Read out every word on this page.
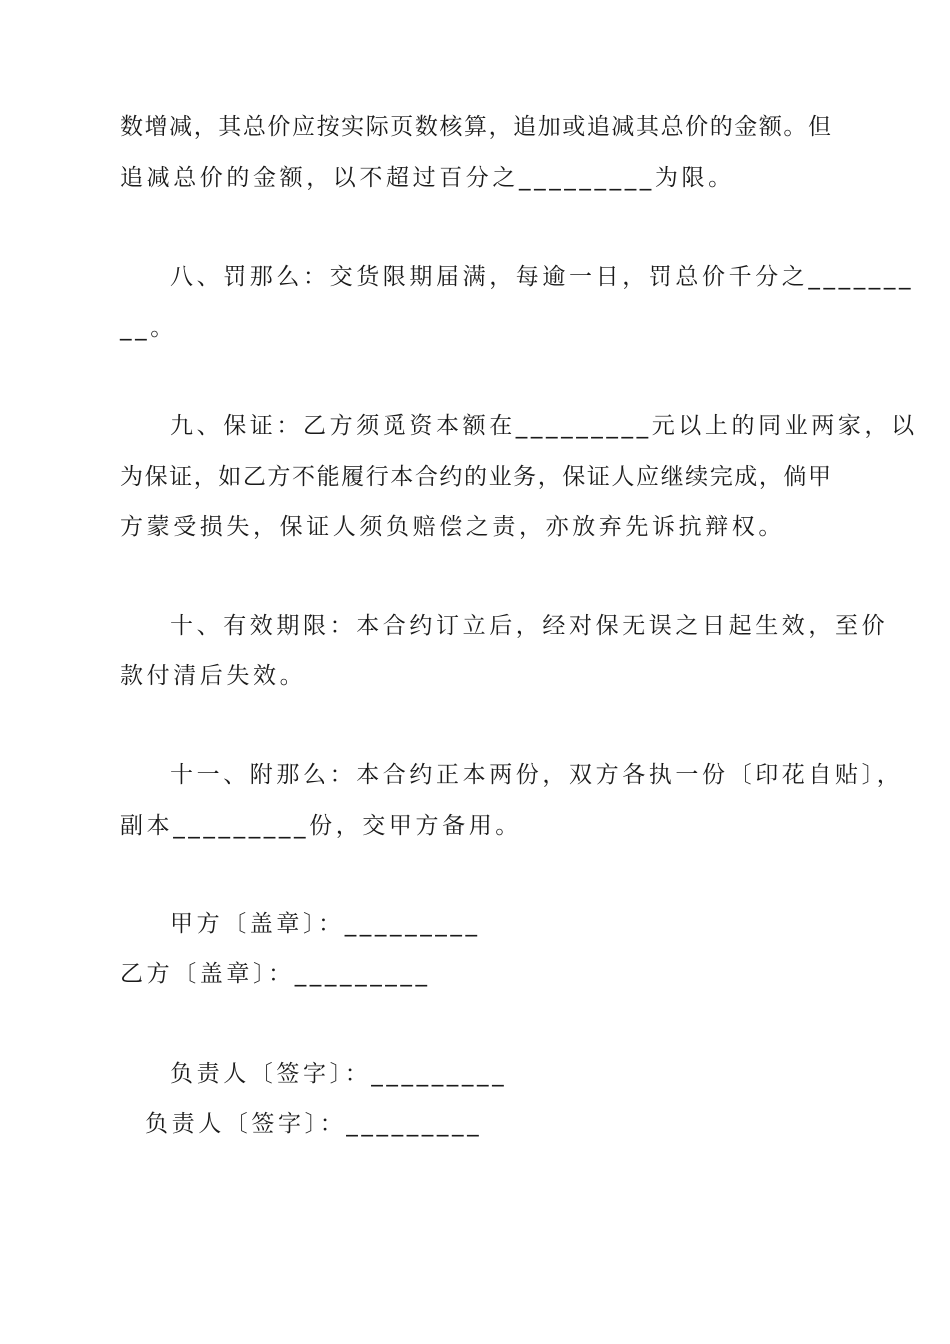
数增减，其总价应按实际页数核算，追加或追减其总价的金额。但
追减总价的金额，以不超过百分之_________为限。
八、罚那么：交货限期届满，每逾一日，罚总价千分之_______
__。
九、保证：乙方须觅资本额在_________元以上的同业两家，以
为保证，如乙方不能履行本合约的业务，保证人应继续完成，倘甲
方蒙受损失，保证人须负赔偿之责，亦放弃先诉抗辩权。
十、有效期限：本合约订立后，经对保无误之日起生效，至价
款付清后失效。
十一、附那么：本合约正本两份，双方各执一份〔印花自贴〕，
副本_________份，交甲方备用。
甲方〔盖章〕：_________
乙方〔盖章〕：_________
负责人〔签字〕：_________
负责人〔签字〕：_________
